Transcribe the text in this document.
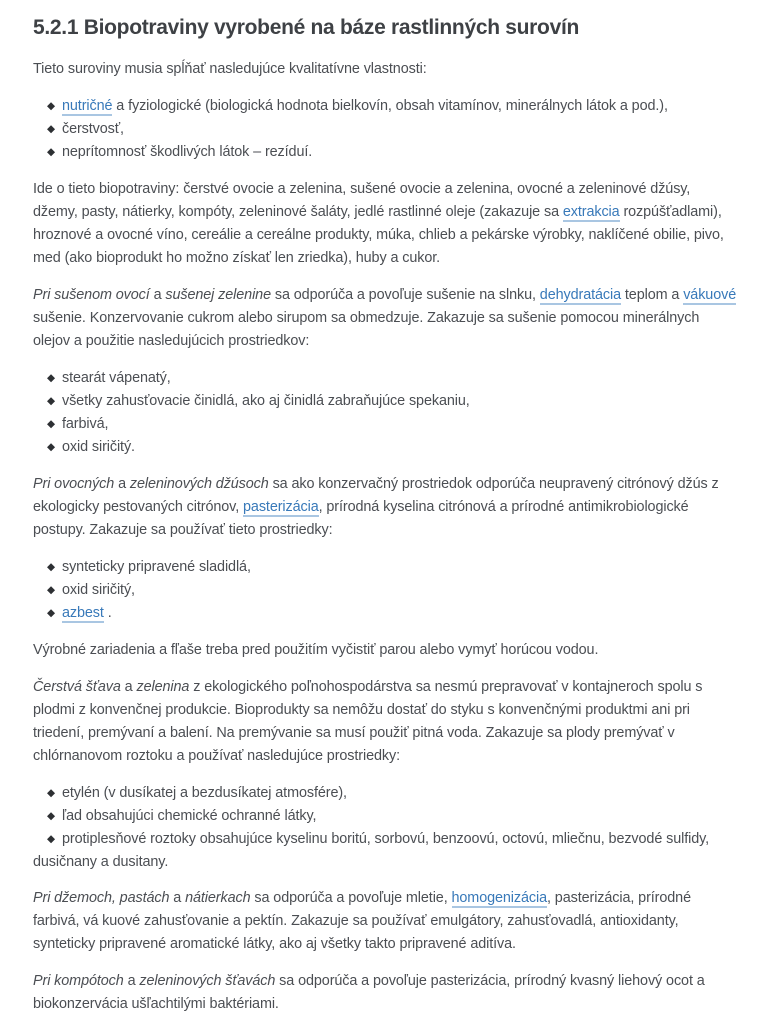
5.2.1 Biopotraviny vyrobené na báze rastlinných surovín

Tieto suroviny musia spĺňať nasledujúce kvalitatívne vlastnosti:

◆ nutričné a fyziologické (biologická hodnota bielkovín, obsah vitamínov, minerálnych látok a pod.),
◆ čerstvosť,
◆ neprítomnosť škodlivých látok – rezíduí.

Ide o tieto biopotraviny: čerstvé ovocie a zelenina, sušené ovocie a zelenina, ovocné a zeleninové džúsy, džemy, pasty, nátierky, kompóty, zeleninové šaláty, jedlé rastlinné oleje (zakazuje sa extrakcia rozpúšťadlami), hroznové a ovocné víno, cereálie a cereálne produkty, múka, chlieb a pekárske výrobky, naklíčené obilie, pivo, med (ako bioprodukt ho možno získať len zriedka), huby a cukor.

Pri sušenom ovocí a sušenej zelenine sa odporúča a povoľuje sušenie na slnku, dehydratácia teplom a vákuové sušenie. Konzervovanie cukrom alebo sirupom sa obmedzuje. Zakazuje sa sušenie pomocou minerálnych olejov a použitie nasledujúcich prostriedkov:

◆ stearát vápenatý,
◆ všetky zahusťovacie činidlá, ako aj činidlá zabraňujúce spekaniu,
◆ farbivá,
◆ oxid siričitý.

Pri ovocných a zeleninových džúsoch sa ako konzervačný prostriedok odporúča neupravený citrónový džús z ekologicky pestovaných citrónov, pasterizácia, prírodná kyselina citrónová a prírodné antimikrobiologické postupy. Zakazuje sa používať tieto prostriedky:

◆ synteticky pripravené sladidlá,
◆ oxid siričitý,
◆ azbest .

Výrobné zariadenia a fľaše treba pred použitím vyčistiť parou alebo vymyť horúcou vodou.

Čerstvá šťava a zelenina z ekologického poľnohospodárstva sa nesmú prepravovať v kontajneroch spolu s plodmi z konvenčnej produkcie. Bioprodukty sa nemôžu dostať do styku s konvenčnými produktmi ani pri triedení, premývaní a balení. Na premývanie sa musí použiť pitná voda. Zakazuje sa plody premývať v chlórnanovom roztoku a používať nasledujúce prostriedky:

◆ etylén (v dusíkatej a bezdusíkatej atmosfére),
◆ ľad obsahujúci chemické ochranné látky,
◆ protiplesňové roztoky obsahujúce kyselinu boritú, sorbovú, benzoovú, octovú, mliečnu, bezvodé sulfidy, dusičnany a dusitany.

Pri džemoch, pastách a nátierkach sa odporúča a povoľuje mletie, homogenizácia, pasterizácia, prírodné farbivá, vá kuové zahusťovanie a pektín. Zakazuje sa používať emulgátory, zahusťovadlá, antioxidanty, synteticky pripravené aromatické látky, ako aj všetky takto pripravené aditíva.

Pri kompótoch a zeleninových šťavách sa odporúča a povoľuje pasterizácia, prírodný kvasný liehový ocot a biokonzervácia ušľachtilými baktériami.
